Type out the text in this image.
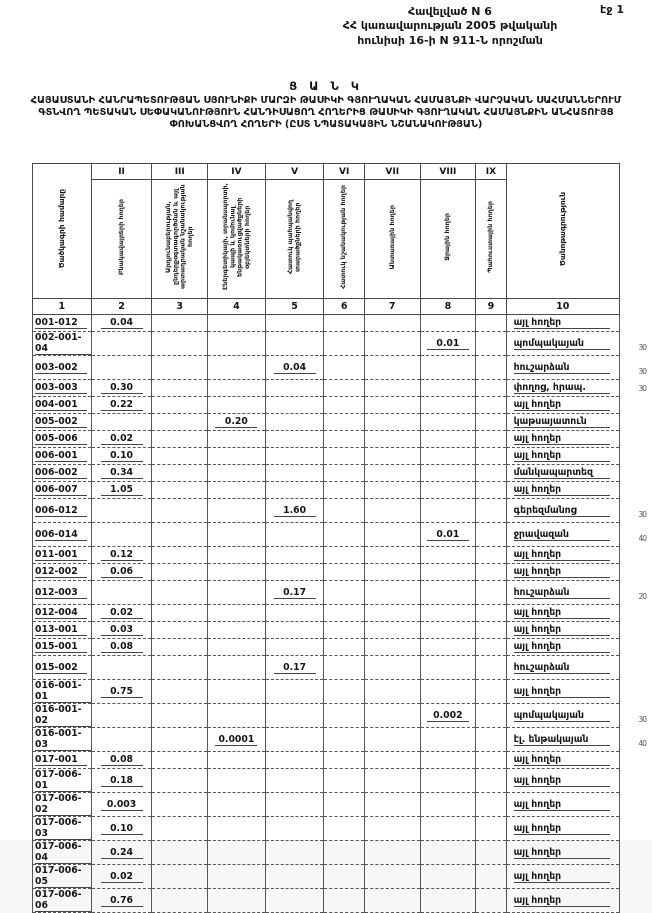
էջ 1
Հավելված N 6
ՀՀ կառավարության 2005 թվականի
հունիսի 16-ի N 911-Ն որոշման
Ց Ա Ն Կ
ՀԱՅԱՍՏԱՆԻ ՀԱՆՐԱՊԵՏՈՒԹՅԱՆ ՍՅՈՒՆԻՔԻ ՄԱՐԶԻ ԹԱՍԻԿԻ ԳՅՈՒՂԱԿԱՆ ՀԱՄԱՅՆՔԻ ՎԱՐՉԱԿԱՆ ՍԱՀՄԱՆՆԵՐՈՒՄ ԳՏՆՎՈՂ ՊԵՏԱԿԱՆ ՍԵՓԱԿԱՆՈՒԹՅՈՒՆ ՀԱՆԴԻՍԱՑՈՂ ՀՈՂԵՐԻՑ ԹԱՍԻԿԻ ԳՅՈՒՂԱԿԱՆ ՀԱՄԱՅՆՔԻՆ ԱՆՀԱՏՈՒՅՑ ՓՈԽԱՆՑՎՈՂ ՀՈՂԵՐԻ (ԸՍՏ ՆՊԱՏԱԿԱՅԻՆ ՆՇԱՆԱԿՈՒԹՅԱՆ)
Ծածկագրի համարը	II	III	IV	V	VI	VII	VIII	IX	Ծանոթագրություն
	Բնակավայրերի հողեր	Արդյունաբերության, ընդերքօգտագործման և այլ արտադրական նշանակության հողեր	Էներգետիկայի, տրանսպորտի, կապի և կոմունալ ենթակառուցվածքների օբյեկտների հողեր	Հատուկ պահպանվող տարածքների հողեր	Հատուկ նշանակության հողեր	Անտառային հողեր	Ջրային հողեր	Պահուստային հողեր	
1	2	3	4	5	6	7	8	9	10
001-012	0.04								այլ հողեր
002-001-04							0.01		պոմպակայան 30

003-002				0.04					հուշարձան 30

003-003	0.30								փողոց, հրապ. 30

004-001	0.22								այլ հողեր
005-002			0.20						կաթսայատուն
005-006	0.02								այլ հողեր
006-001	0.10								այլ հողեր
006-002	0.34								մանկապարտեզ
006-007	1.05								այլ հողեր
006-012				1.60					գերեզմանոց 30

006-014							0.01		ջրավազան 40

011-001	0.12								այլ հողեր
012-002	0.06								այլ հողեր
012-003				0.17					հուշարձան 20

012-004	0.02								այլ հողեր
013-001	0.03								այլ հողեր
015-001	0.08								այլ հողեր
015-002				0.17					հուշարձան
016-001-01	0.75								այլ հողեր
016-001-02							0.002		պոմպակայան 30

016-001-03			0.0001						էլ. ենթակայան 40

017-001	0.08								այլ հողեր
017-006-01	0.18								այլ հողեր
017-006-02	0.003								այլ հողեր
017-006-03	0.10								այլ հողեր
017-006-04	0.24								այլ հողեր
017-006-05	0.02								այլ հողեր
017-006-06	0.76								այլ հողեր
